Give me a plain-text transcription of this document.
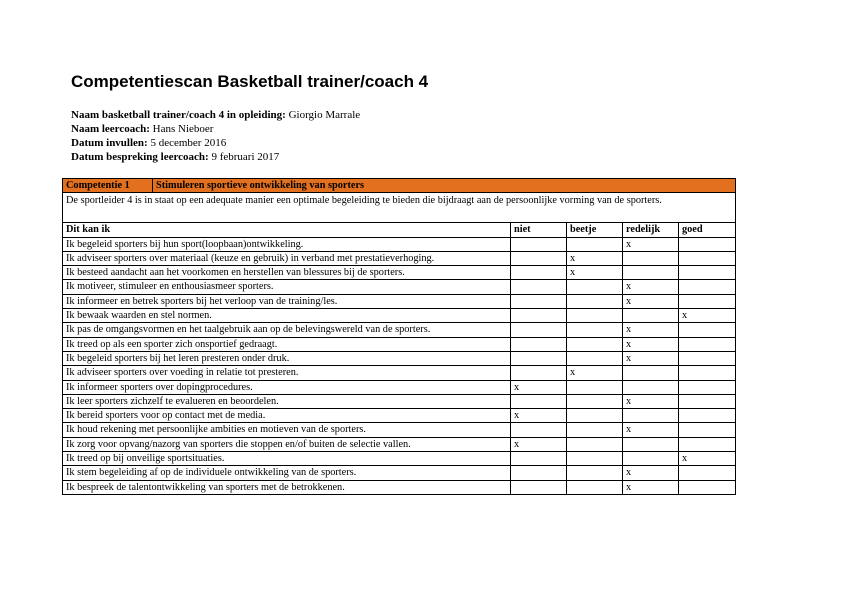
Competentiescan Basketball trainer/coach 4
Naam basketball trainer/coach 4 in opleiding: Giorgio Marrale
Naam leercoach: Hans Nieboer
Datum invullen: 5 december 2016
Datum bespreking leercoach: 9 februari 2017
Competentie 1	Stimuleren sportieve ontwikkeling van sporters				
De sportleider 4 is in staat op een adequate manier een optimale begeleiding te bieden die bijdraagt aan de persoonlijke vorming van de sporters.					
Dit kan ik		niet	beetje	redelijk	goed
Ik begeleid sporters bij hun sport(loopbaan)ontwikkeling.				x	
Ik adviseer sporters over materiaal (keuze en gebruik) in verband met prestatieverhoging.			x		
Ik besteed aandacht aan het voorkomen en herstellen van blessures bij de sporters.			x		
Ik motiveer, stimuleer en enthousiasmeer sporters.				x	
Ik informeer en betrek sporters bij het verloop van de training/les.				x	
Ik bewaak waarden en stel normen.					x
Ik pas de omgangsvormen en het taalgebruik aan op de belevingswereld van de sporters.				x	
Ik treed op als een sporter zich onsportief gedraagt.				x	
Ik begeleid sporters bij het leren presteren onder druk.				x	
Ik adviseer sporters over voeding in relatie tot presteren.			x		
Ik informeer sporters over dopingprocedures.		x			
Ik leer sporters zichzelf te evalueren en beoordelen.				x	
Ik bereid sporters voor op contact met de media.		x			
Ik houd rekening met persoonlijke ambities en motieven van de sporters.				x	
Ik zorg voor opvang/nazorg van sporters die stoppen en/of buiten de selectie vallen.		x			
Ik treed op bij onveilige sportsituaties.					x
Ik stem begeleiding af op de individuele ontwikkeling van de sporters.				x	
Ik bespreek de talentontwikkeling van sporters met de betrokkenen.				x	
